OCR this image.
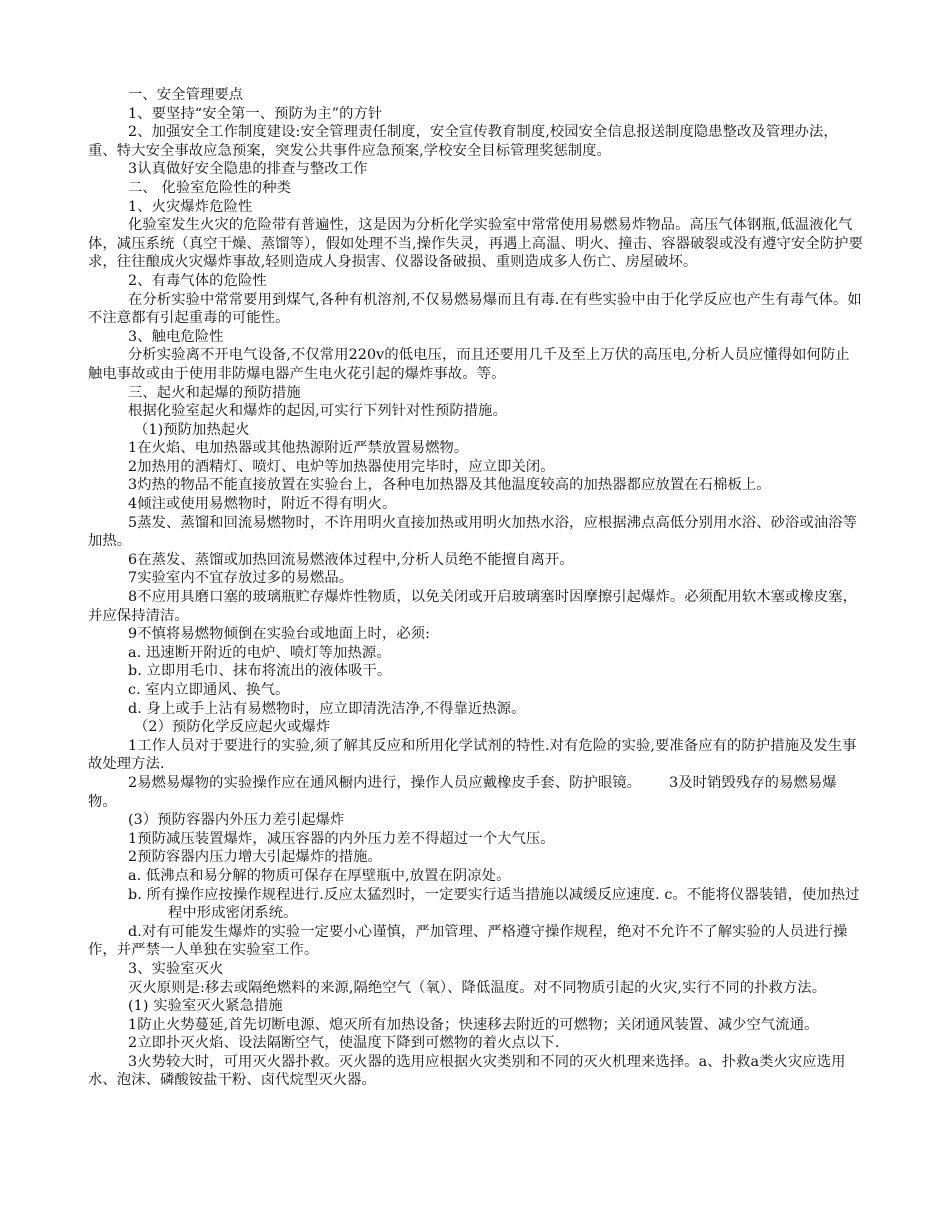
一、安全管理要点

1、要坚持“安全第一、预防为主”的方针

2、加强安全工作制度建设:安全管理责任制度，安全宣传教育制度,校园安全信息报送制度隐患整改及管理办法，重、特大安全事故应急预案，突发公共事件应急预案,学校安全目标管理奖惩制度。

3认真做好安全隐患的排查与整改工作

二、 化验室危险性的种类

1、火灾爆炸危险性

化验室发生火灾的危险带有普遍性，这是因为分析化学实验室中常常使用易燃易炸物品。高压气体钢瓶,低温液化气体，减压系统（真空干燥、蒸馏等），假如处理不当,操作失灵，再遇上高温、明火、撞击、容器破裂或没有遵守安全防护要求，往往酿成火灾爆炸事故,轻则造成人身损害、仪器设备破损、重则造成多人伤亡、房屋破坏。

2、有毒气体的危险性

在分析实验中常常要用到煤气,各种有机溶剂,不仅易燃易爆而且有毒.在有些实验中由于化学反应也产生有毒气体。如不注意都有引起重毒的可能性。

3、触电危险性

分析实验离不开电气设备,不仅常用220v的低电压，而且还要用几千及至上万伏的高压电,分析人员应懂得如何防止触电事故或由于使用非防爆电器产生电火花引起的爆炸事故。等。

三、起火和起爆的预防措施

根据化验室起火和爆炸的起因,可实行下列针对性预防措施。

（1)预防加热起火

1在火焰、电加热器或其他热源附近严禁放置易燃物。

2加热用的酒精灯、喷灯、电炉等加热器使用完毕时，应立即关闭。

3灼热的物品不能直接放置在实验台上，各种电加热器及其他温度较高的加热器都应放置在石棉板上。

4倾注或使用易燃物时，附近不得有明火。

5蒸发、蒸馏和回流易燃物时，不许用明火直接加热或用明火加热水浴，应根据沸点高低分别用水浴、砂浴或油浴等加热。

6在蒸发、蒸馏或加热回流易燃液体过程中,分析人员绝不能擅自离开。

7实验室内不宜存放过多的易燃品。

8不应用具磨口塞的玻璃瓶贮存爆炸性物质，以免关闭或开启玻璃塞时因摩擦引起爆炸。必须配用软木塞或橡皮塞，并应保持清洁。

9不慎将易燃物倾倒在实验台或地面上时，必须:

a. 迅速断开附近的电炉、喷灯等加热源。

b. 立即用毛巾、抹布将流出的液体吸干。

c. 室内立即通风、换气。

d. 身上或手上沾有易燃物时，应立即清洗洁净,不得靠近热源。

（2）预防化学反应起火或爆炸

1工作人员对于要进行的实验,须了解其反应和所用化学试剂的特性.对有危险的实验,要准备应有的防护措施及发生事故处理方法.

2易燃易爆物的实验操作应在通风橱内进行，操作人员应戴橡皮手套、防护眼镜。 3及时销毁残存的易燃易爆物。

(3）预防容器内外压力差引起爆炸

1预防减压装置爆炸，减压容器的内外压力差不得超过一个大气压。

2预防容器内压力增大引起爆炸的措施。

a. 低沸点和易分解的物质可保存在厚壁瓶中,放置在阴凉处。

b. 所有操作应按操作规程进行.反应太猛烈时，一定要实行适当措施以减缓反应速度. c。不能将仪器装错，使加热过程中形成密闭系统。

d.对有可能发生爆炸的实验一定要小心谨慎，严加管理、严格遵守操作规程，绝对不允许不了解实验的人员进行操作，并严禁一人单独在实验室工作。

3、实验室灭火

灭火原则是:移去或隔绝燃料的来源,隔绝空气（氧）、降低温度。对不同物质引起的火灾,实行不同的扑救方法。

(1) 实验室灭火紧急措施

1防止火势蔓延,首先切断电源、熄灭所有加热设备；快速移去附近的可燃物；关闭通风装置、减少空气流通。

2立即扑灭火焰、设法隔断空气，使温度下降到可燃物的着火点以下.

3火势较大时，可用灭火器扑救。灭火器的选用应根据火灾类别和不同的灭火机理来选择。a、扑救a类火灾应选用水、泡沫、磷酸铵盐干粉、卤代烷型灭火器。
